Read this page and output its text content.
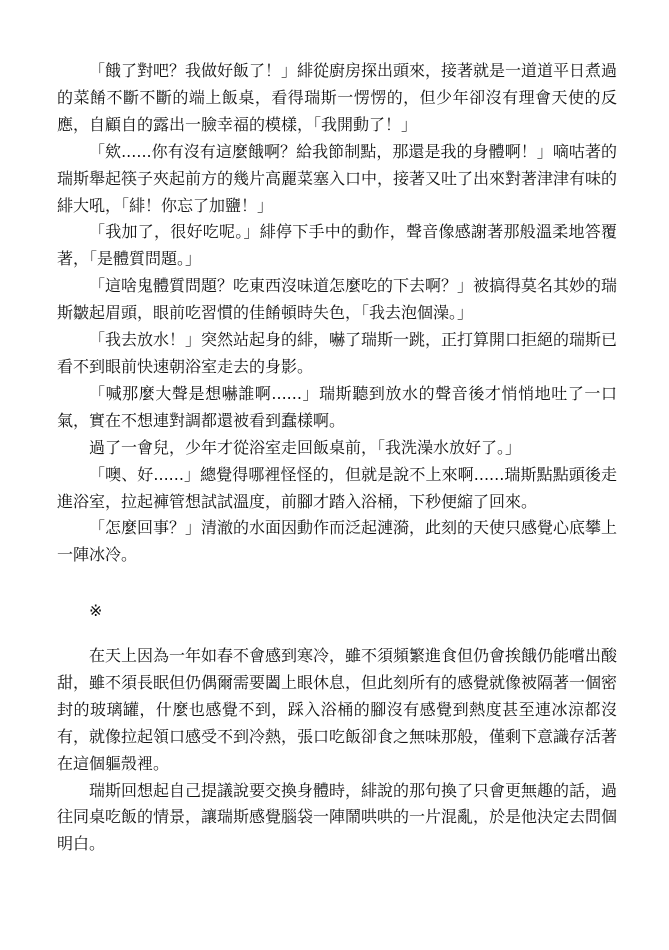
「餓了對吧？我做好飯了！」緋從廚房探出頭來，接著就是一道道平日煮過的菜餚不斷不斷的端上飯桌，看得瑞斯一愣愣的，但少年卻沒有理會天使的反應，自顧自的露出一臉幸福的模樣，「我開動了！」

「欸......你有沒有這麼餓啊？給我節制點，那還是我的身體啊！」嘀咕著的瑞斯舉起筷子夾起前方的幾片高麗菜塞入口中，接著又吐了出來對著津津有味的緋大吼，「緋！你忘了加鹽！」

「我加了，很好吃呢。」緋停下手中的動作，聲音像感謝著那般溫柔地答覆著，「是體質問題。」

「這啥鬼體質問題？吃東西沒味道怎麼吃的下去啊？」被搞得莫名其妙的瑞斯皺起眉頭，眼前吃習慣的佳餚頓時失色，「我去泡個澡。」

「我去放水！」突然站起身的緋，嚇了瑞斯一跳，正打算開口拒絕的瑞斯已看不到眼前快速朝浴室走去的身影。

「喊那麼大聲是想嚇誰啊......」瑞斯聽到放水的聲音後才悄悄地吐了一口氣，實在不想連對調都還被看到蠢樣啊。

過了一會兒，少年才從浴室走回飯桌前，「我洗澡水放好了。」

「噢、好......」總覺得哪裡怪怪的，但就是說不上來啊......瑞斯點點頭後走進浴室，拉起褲管想試試溫度，前腳才踏入浴桶，下秒便縮了回來。

「怎麼回事？」清澈的水面因動作而泛起漣漪，此刻的天使只感覺心底攀上一陣冰冷。

※

在天上因為一年如春不會感到寒冷，雖不須頻繁進食但仍會挨餓仍能嚐出酸甜，雖不須長眠但仍偶爾需要闔上眼休息，但此刻所有的感覺就像被隔著一個密封的玻璃罐，什麼也感覺不到，踩入浴桶的腳沒有感覺到熱度甚至連冰涼都沒有，就像拉起領口感受不到冷熱，張口吃飯卻食之無味那般，僅剩下意識存活著在這個軀殼裡。

瑞斯回想起自己提議說要交換身體時，緋說的那句換了只會更無趣的話，過往同桌吃飯的情景，讓瑞斯感覺腦袋一陣鬧哄哄的一片混亂，於是他決定去問個明白。
